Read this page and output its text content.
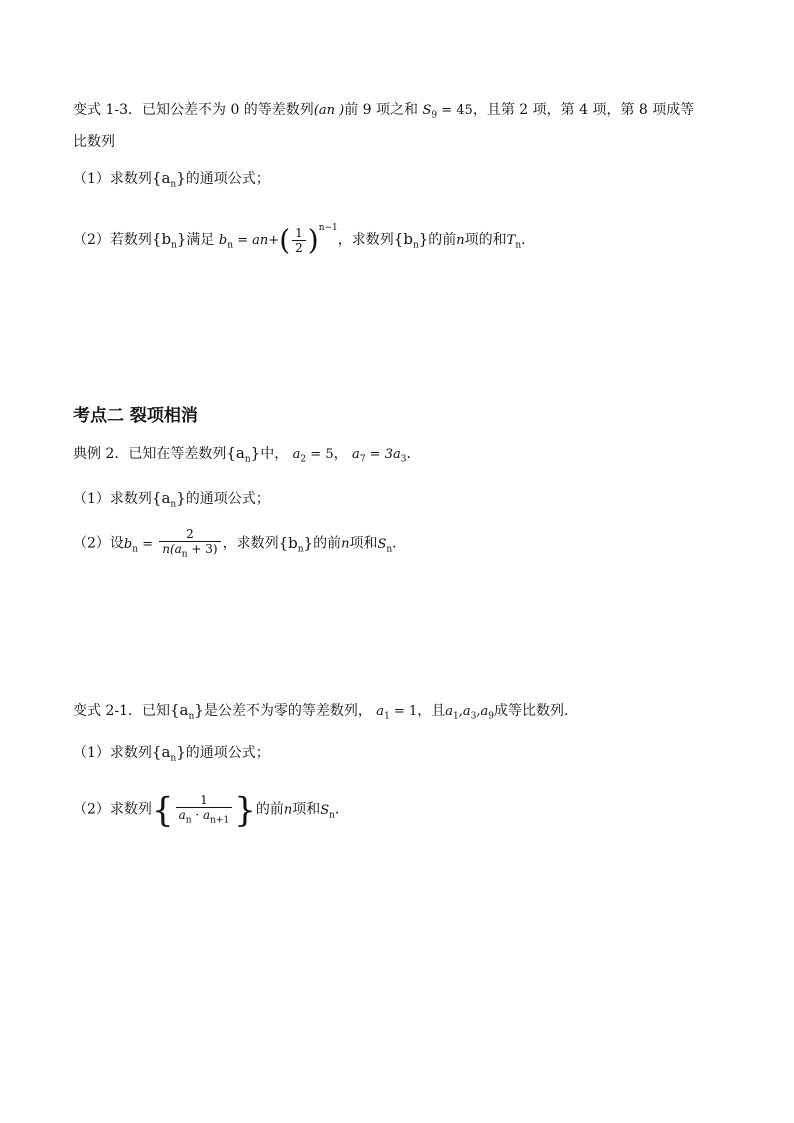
变式 1-3．已知公差不为 0 的等差数列(an )前 9 项之和 $S_9 = 45$，且第 2 项，第 4 项，第 8 项成等
比数列
（1）求数列$\{a_n\}$的通项公式；
（2）若数列$\{b_n\}$满足 $b_n = an+( \frac{1}{2} )^{n-1}$，求数列$\{b_n\}$的前n项的和$T_n$．
考点二 裂项相消
典例 2．已知在等差数列$\{a_n\}$中， $a_2 = 5$， $a_7 = 3a_3$．
（1）求数列$\{a_n\}$的通项公式；
（2）设$b_n = \frac{2}{n(a_n + 3)}$ ，求数列$\{b_n\}$的前n项和$S_n$．
变式 2-1．已知$\{a_n\}$是公差不为零的等差数列， $a_1 = 1$，且$a_1,a_3,a_9$成等比数列.
（1）求数列$\{a_n\}$的通项公式；
（2）求数列{ $\frac{1}{a_n \cdot a_{n+1}}$ }的前n项和$S_n$.
